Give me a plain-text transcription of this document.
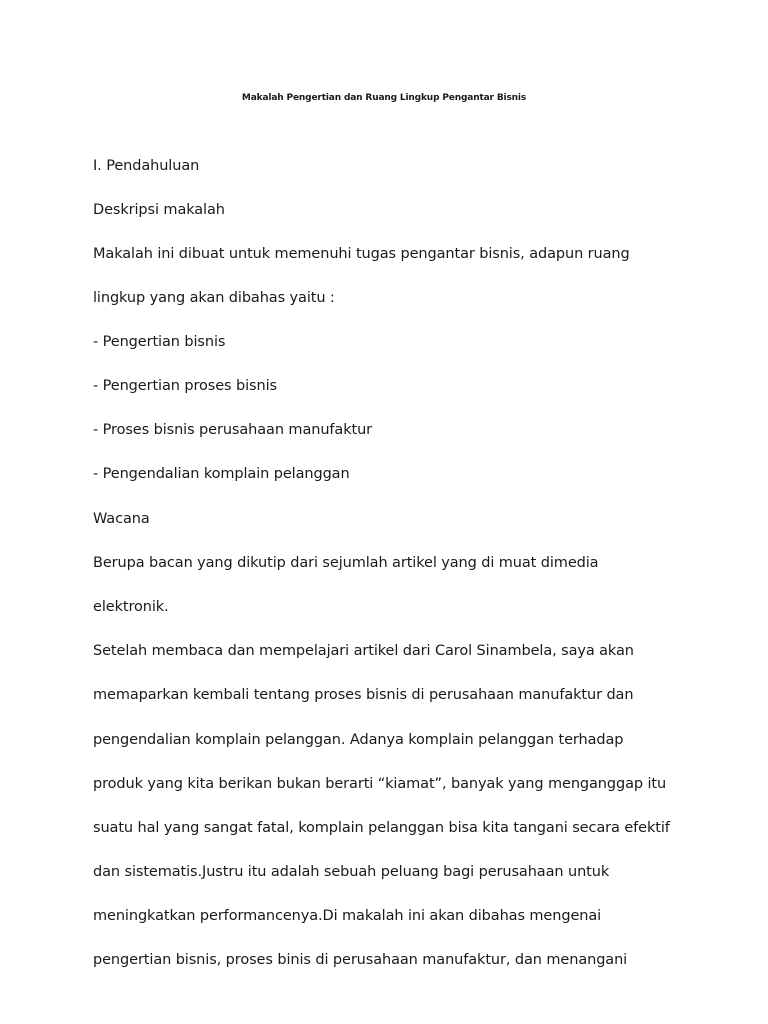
Makalah Pengertian dan Ruang Lingkup Pengantar Bisnis
I. Pendahuluan
Deskripsi makalah
Makalah ini dibuat untuk memenuhi tugas pengantar bisnis, adapun ruang
lingkup yang akan dibahas yaitu :
- Pengertian bisnis
- Pengertian proses bisnis
- Proses bisnis perusahaan manufaktur
- Pengendalian komplain pelanggan
Wacana
Berupa bacan yang dikutip dari sejumlah artikel yang di muat dimedia
elektronik.
Setelah membaca dan mempelajari artikel dari Carol Sinambela, saya akan
memaparkan kembali tentang proses bisnis di perusahaan manufaktur dan
pengendalian komplain pelanggan. Adanya komplain pelanggan terhadap
produk yang kita berikan bukan berarti “kiamat”, banyak yang menganggap itu
suatu hal yang sangat fatal, komplain pelanggan bisa kita tangani secara efektif
dan sistematis.Justru itu adalah sebuah peluang bagi perusahaan untuk
meningkatkan performancenya.Di makalah ini akan dibahas mengenai
pengertian bisnis, proses binis di perusahaan manufaktur, dan menangani
